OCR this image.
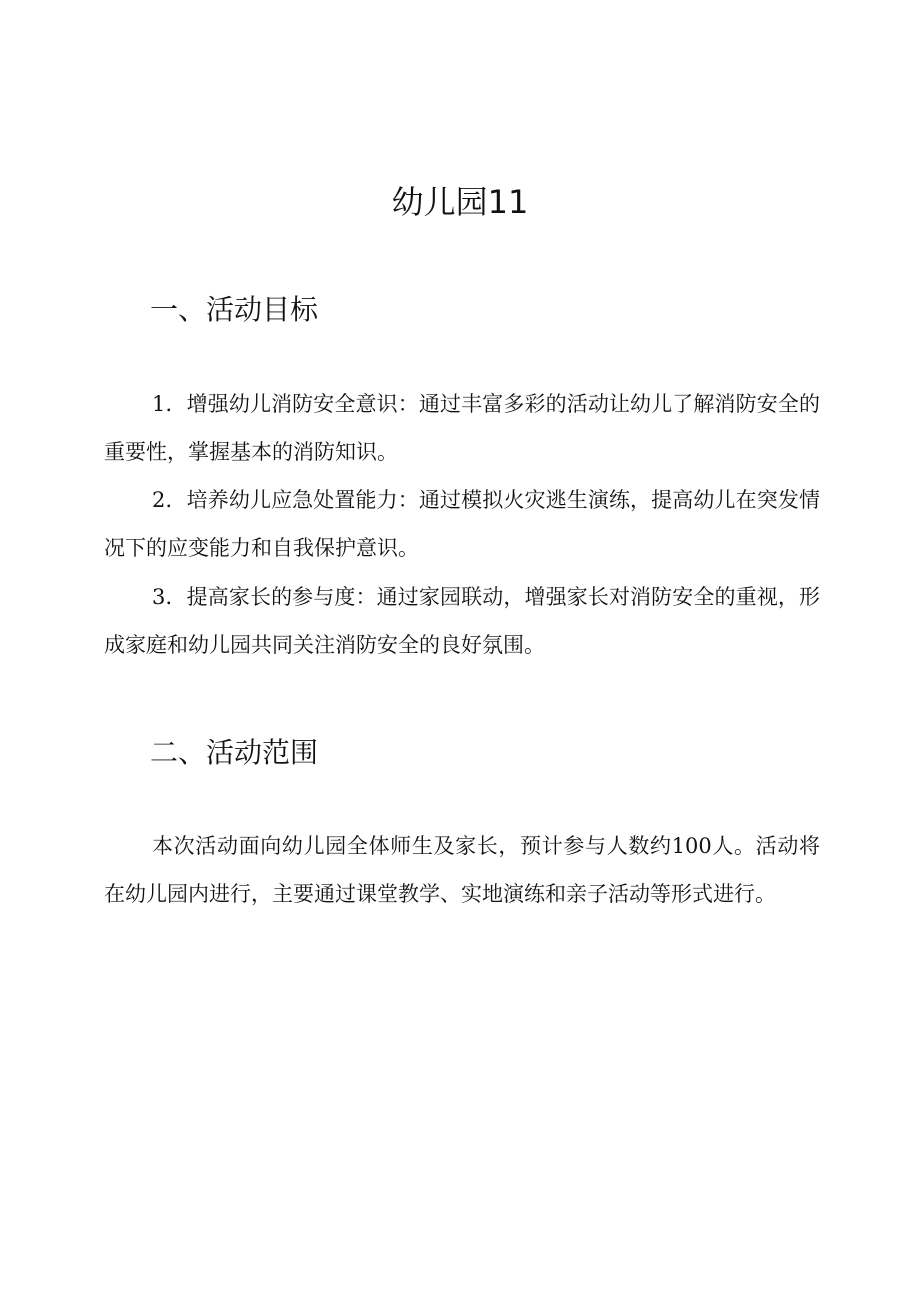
幼儿园11
一、活动目标

1．增强幼儿消防安全意识：通过丰富多彩的活动让幼儿了解消防安全的重要性，掌握基本的消防知识。

2．培养幼儿应急处置能力：通过模拟火灾逃生演练，提高幼儿在突发情况下的应变能力和自我保护意识。

3．提高家长的参与度：通过家园联动，增强家长对消防安全的重视，形成家庭和幼儿园共同关注消防安全的良好氛围。

二、活动范围

本次活动面向幼儿园全体师生及家长，预计参与人数约100人。活动将在幼儿园内进行，主要通过课堂教学、实地演练和亲子活动等形式进行。
